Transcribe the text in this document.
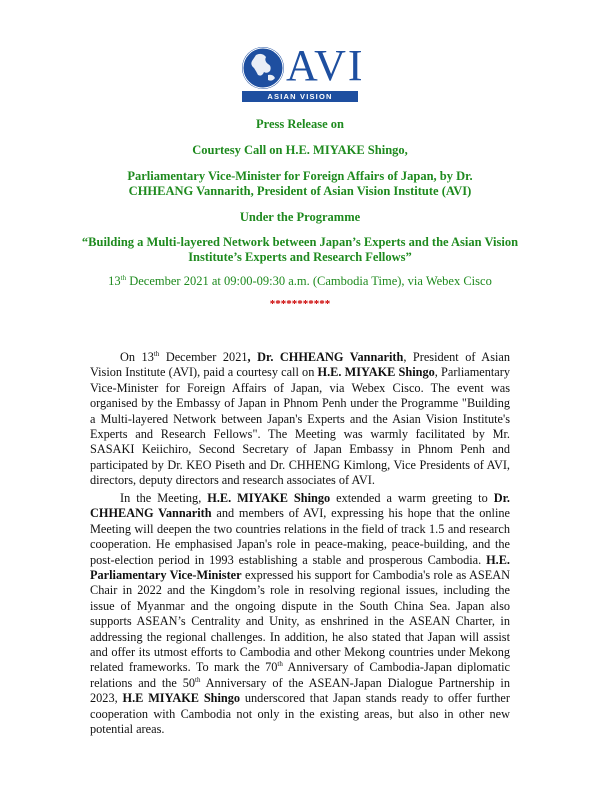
AVI
ASIAN VISION INSTITUTE
Press Release on
Courtesy Call on H.E. MIYAKE Shingo,
Parliamentary Vice-Minister for Foreign Affairs of Japan, by Dr. CHHEANG Vannarith, President of Asian Vision Institute (AVI)
Under the Programme
“Building a Multi-layered Network between Japan’s Experts and the Asian Vision Institute’s Experts and Research Fellows”
13th December 2021 at 09:00-09:30 a.m. (Cambodia Time), via Webex Cisco
***********
On 13th December 2021, Dr. CHHEANG Vannarith, President of Asian Vision Institute (AVI), paid a courtesy call on H.E. MIYAKE Shingo, Parliamentary Vice-Minister for Foreign Affairs of Japan, via Webex Cisco. The event was organised by the Embassy of Japan in Phnom Penh under the Programme "Building a Multi-layered Network between Japan's Experts and the Asian Vision Institute's Experts and Research Fellows". The Meeting was warmly facilitated by Mr. SASAKI Keiichiro, Second Secretary of Japan Embassy in Phnom Penh and participated by Dr. KEO Piseth and Dr. CHHENG Kimlong, Vice Presidents of AVI, directors, deputy directors and research associates of AVI.
In the Meeting, H.E. MIYAKE Shingo extended a warm greeting to Dr. CHHEANG Vannarith and members of AVI, expressing his hope that the online Meeting will deepen the two countries relations in the field of track 1.5 and research cooperation. He emphasised Japan's role in peace-making, peace-building, and the post-election period in 1993 establishing a stable and prosperous Cambodia. H.E. Parliamentary Vice-Minister expressed his support for Cambodia's role as ASEAN Chair in 2022 and the Kingdom’s role in resolving regional issues, including the issue of Myanmar and the ongoing dispute in the South China Sea. Japan also supports ASEAN’s Centrality and Unity, as enshrined in the ASEAN Charter, in addressing the regional challenges. In addition, he also stated that Japan will assist and offer its utmost efforts to Cambodia and other Mekong countries under Mekong related frameworks. To mark the 70th Anniversary of Cambodia-Japan diplomatic relations and the 50th Anniversary of the ASEAN-Japan Dialogue Partnership in 2023, H.E MIYAKE Shingo underscored that Japan stands ready to offer further cooperation with Cambodia not only in the existing areas, but also in other new potential areas.
